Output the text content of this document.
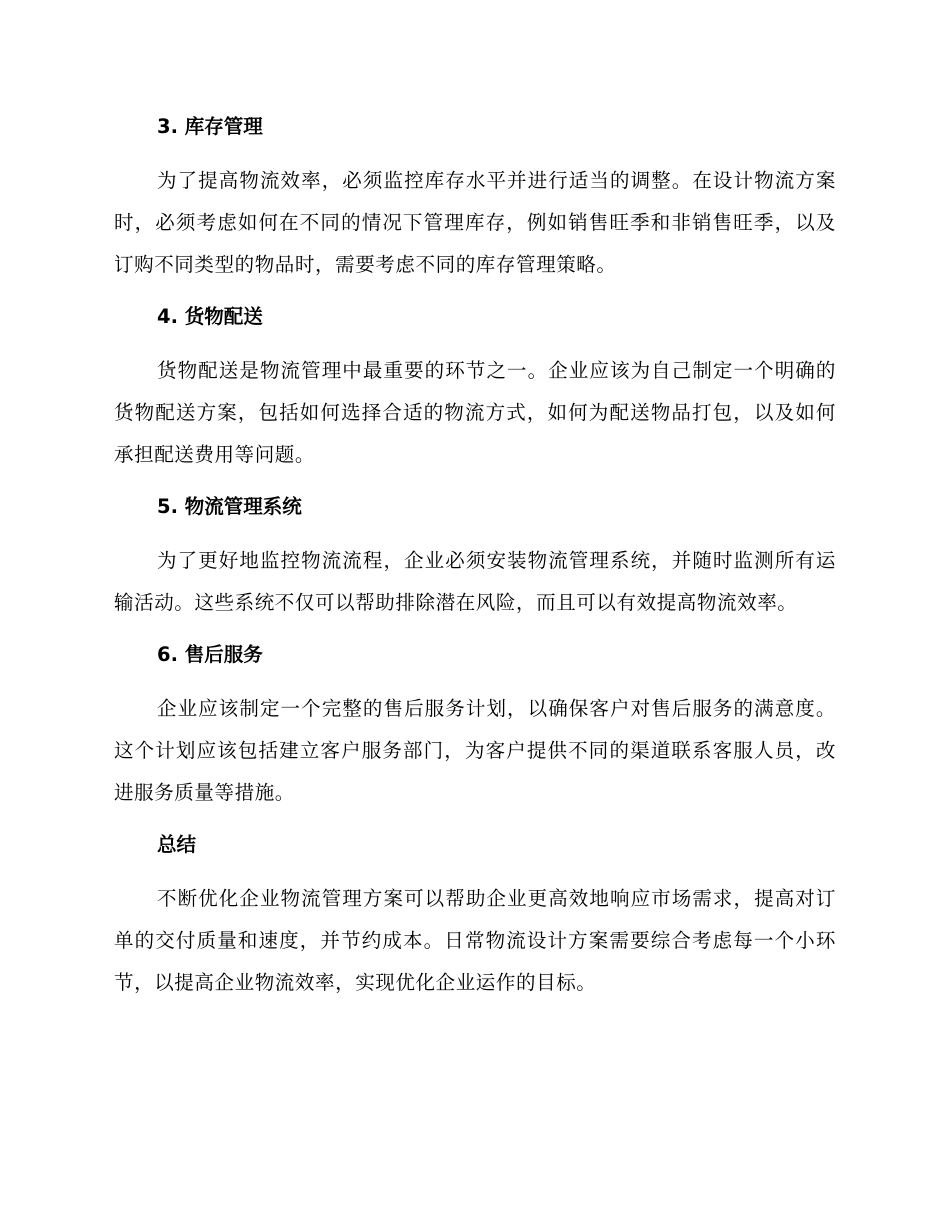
3. 库存管理

为了提高物流效率，必须监控库存水平并进行适当的调整。在设计物流方案时，必须考虑如何在不同的情况下管理库存，例如销售旺季和非销售旺季，以及订购不同类型的物品时，需要考虑不同的库存管理策略。

4. 货物配送

货物配送是物流管理中最重要的环节之一。企业应该为自己制定一个明确的货物配送方案，包括如何选择合适的物流方式，如何为配送物品打包，以及如何承担配送费用等问题。

5. 物流管理系统

为了更好地监控物流流程，企业必须安装物流管理系统，并随时监测所有运输活动。这些系统不仅可以帮助排除潜在风险，而且可以有效提高物流效率。

6. 售后服务

企业应该制定一个完整的售后服务计划，以确保客户对售后服务的满意度。这个计划应该包括建立客户服务部门，为客户提供不同的渠道联系客服人员，改进服务质量等措施。

总结

不断优化企业物流管理方案可以帮助企业更高效地响应市场需求，提高对订单的交付质量和速度，并节约成本。日常物流设计方案需要综合考虑每一个小环节，以提高企业物流效率，实现优化企业运作的目标。
